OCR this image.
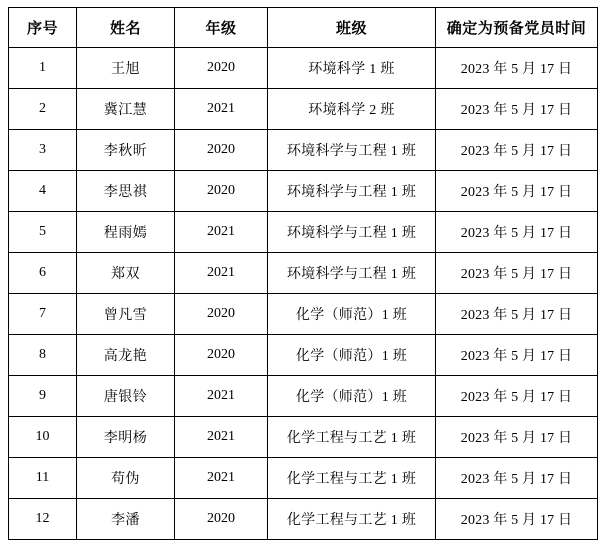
序号	姓名	年级	班级	确定为预备党员时间
1	王旭	2020	环境科学 1 班	2023 年 5 月 17 日
2	冀江慧	2021	环境科学 2 班	2023 年 5 月 17 日
3	李秋昕	2020	环境科学与工程 1 班	2023 年 5 月 17 日
4	李思祺	2020	环境科学与工程 1 班	2023 年 5 月 17 日
5	程雨嫣	2021	环境科学与工程 1 班	2023 年 5 月 17 日
6	郑双	2021	环境科学与工程 1 班	2023 年 5 月 17 日
7	曾凡雪	2020	化学（师范）1 班	2023 年 5 月 17 日
8	高龙艳	2020	化学（师范）1 班	2023 年 5 月 17 日
9	唐银铃	2021	化学（师范）1 班	2023 年 5 月 17 日
10	李明杨	2021	化学工程与工艺 1 班	2023 年 5 月 17 日
11	苟伪	2021	化学工程与工艺 1 班	2023 年 5 月 17 日
12	李潘	2020	化学工程与工艺 1 班	2023 年 5 月 17 日
